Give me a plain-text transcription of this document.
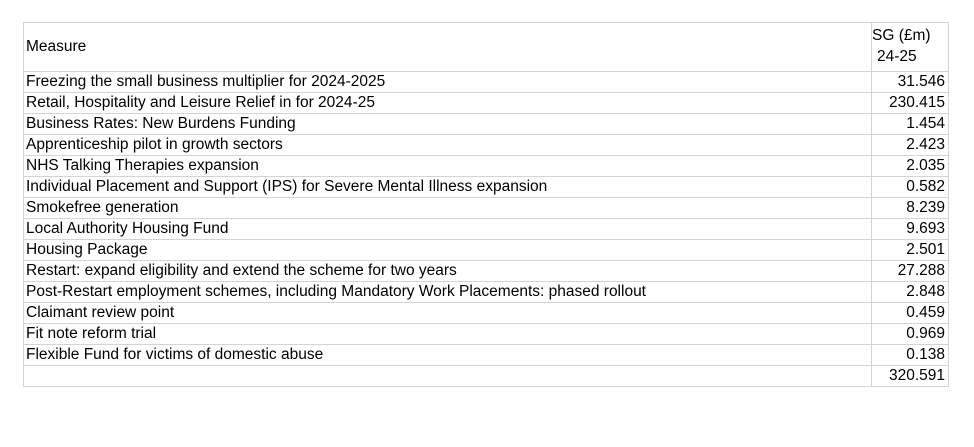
Measure	SG (£m)
24-25

Freezing the small business multiplier for 2024-2025	31.546
Retail, Hospitality and Leisure Relief in for 2024-25	230.415
Business Rates: New Burdens Funding	1.454
Apprenticeship pilot in growth sectors	2.423
NHS Talking Therapies expansion	2.035
Individual Placement and Support (IPS) for Severe Mental Illness expansion	0.582
Smokefree generation	8.239
Local Authority Housing Fund	9.693
Housing Package	2.501
Restart: expand eligibility and extend the scheme for two years	27.288
Post-Restart employment schemes, including Mandatory Work Placements: phased rollout	2.848
Claimant review point	0.459
Fit note reform trial	0.969
Flexible Fund for victims of domestic abuse	0.138
	320.591
